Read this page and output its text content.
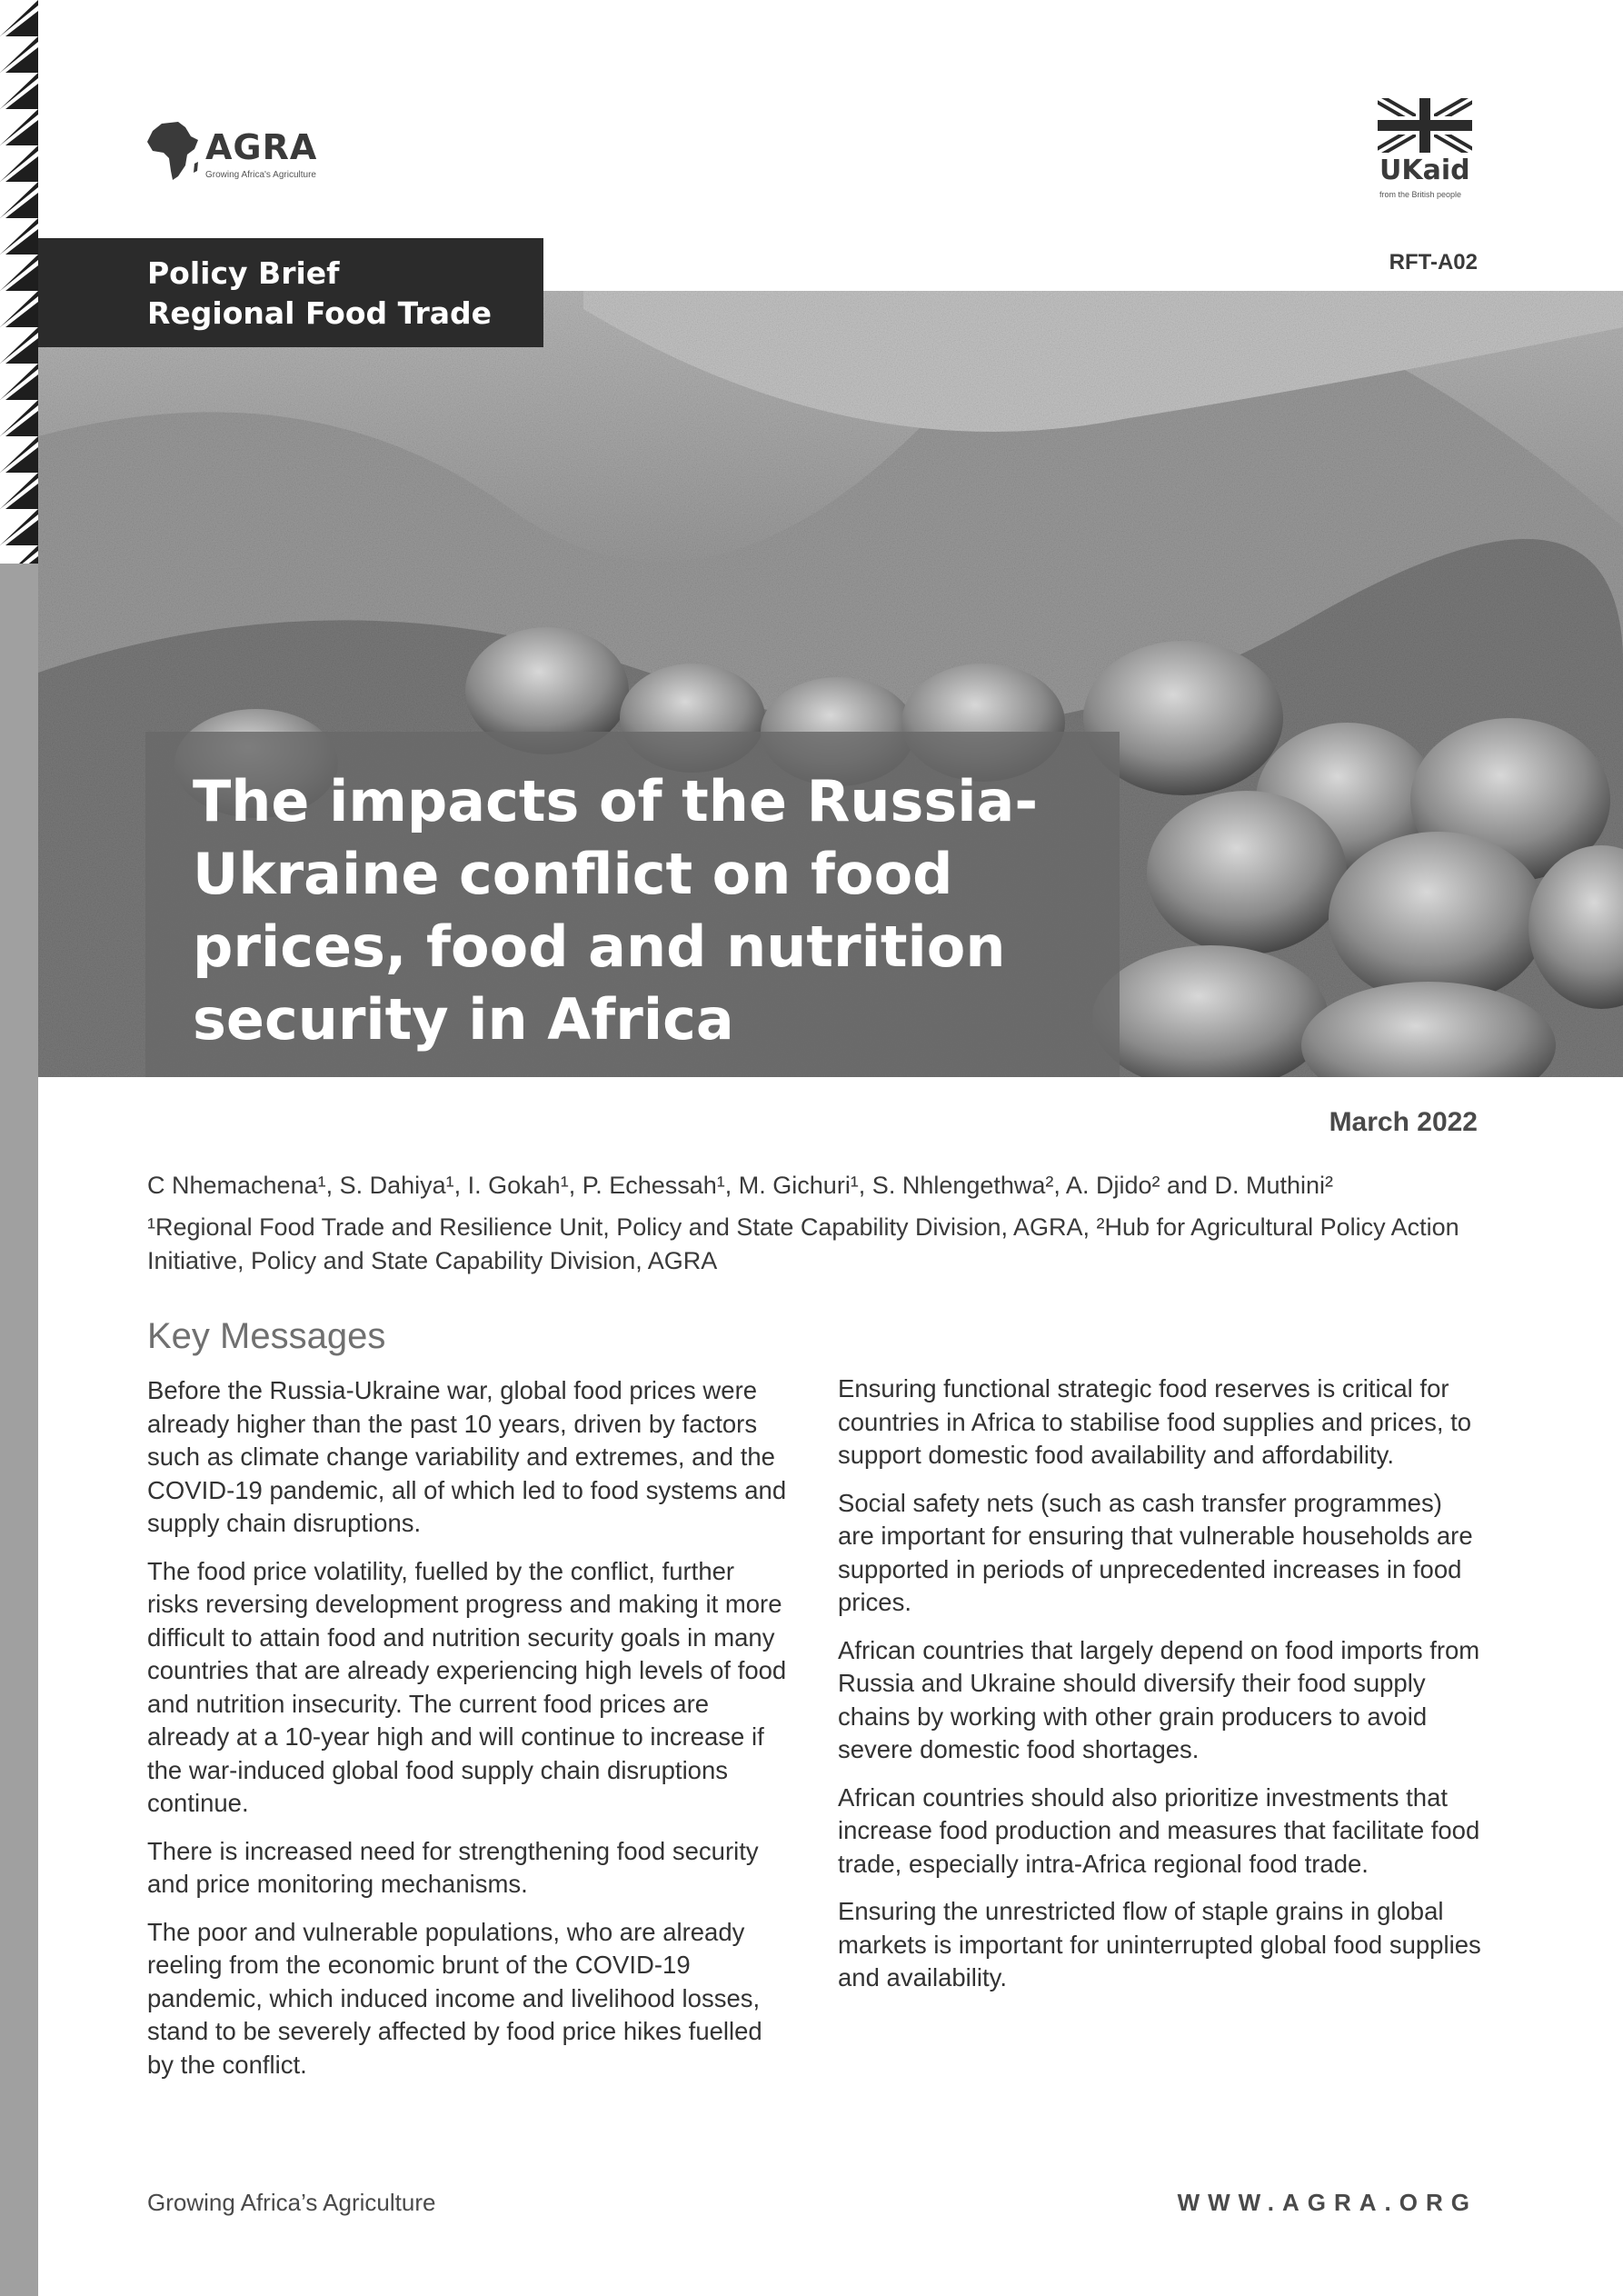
AGRA
Growing Africa's Agriculture	UKaid
from the British people
RFT-A02
Policy Brief
Regional Food Trade
The impacts of the Russia-Ukraine conflict on food prices, food and nutrition security in Africa
March 2022
C Nhemachena¹, S. Dahiya¹, I. Gokah¹, P. Echessah¹, M. Gichuri¹, S. Nhlengethwa², A. Djido² and D. Muthini²
¹Regional Food Trade and Resilience Unit, Policy and State Capability Division, AGRA, ²Hub for Agricultural Policy Action Initiative, Policy and State Capability Division, AGRA
Key Messages

Before the Russia-Ukraine war, global food prices were already higher than the past 10 years, driven by factors such as climate change variability and extremes, and the COVID-19 pandemic, all of which led to food systems and supply chain disruptions.

The food price volatility, fuelled by the conflict, further risks reversing development progress and making it more difficult to attain food and nutrition security goals in many countries that are already experiencing high levels of food and nutrition insecurity. The current food prices are already at a 10-year high and will continue to increase if the war-induced global food supply chain disruptions continue.

There is increased need for strengthening food security and price monitoring mechanisms.

The poor and vulnerable populations, who are already reeling from the economic brunt of the COVID-19 pandemic, which induced income and livelihood losses, stand to be severely affected by food price hikes fuelled by the conflict.

Ensuring functional strategic food reserves is critical for countries in Africa to stabilise food supplies and prices, to support domestic food availability and affordability.

Social safety nets (such as cash transfer programmes) are important for ensuring that vulnerable households are supported in periods of unprecedented increases in food prices.

African countries that largely depend on food imports from Russia and Ukraine should diversify their food supply chains by working with other grain producers to avoid severe domestic food shortages.

African countries should also prioritize investments that increase food production and measures that facilitate food trade, especially intra-Africa regional food trade.

Ensuring the unrestricted flow of staple grains in global markets is important for uninterrupted global food supplies and availability.

Growing Africa’s Agriculture	WWW.AGRA.ORG
